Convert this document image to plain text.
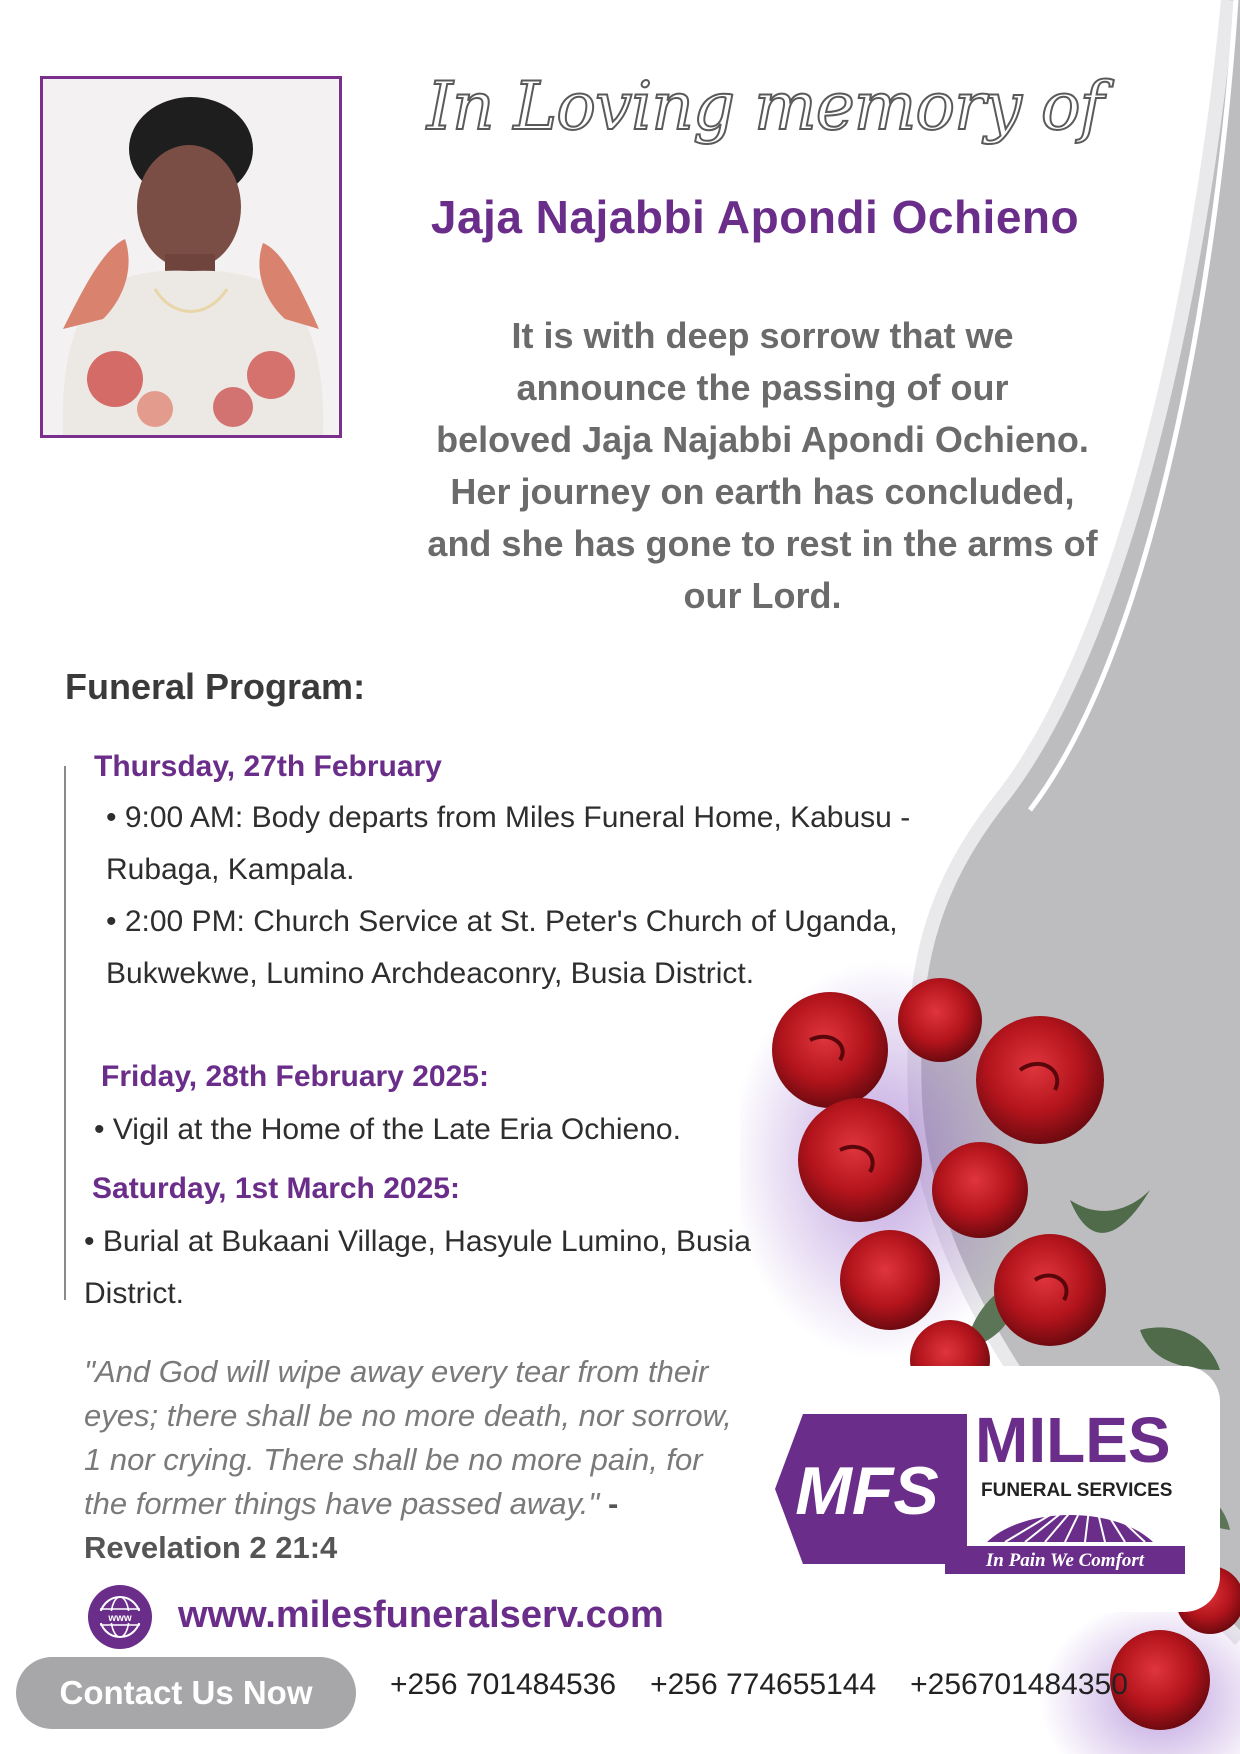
In Loving memory of
Jaja Najabbi Apondi Ochieno
It is with deep sorrow that we
announce the passing of our
beloved Jaja Najabbi Apondi Ochieno.
Her journey on earth has concluded,
and she has gone to rest in the arms of
our Lord.
Funeral Program:
Thursday, 27th February
• 9:00 AM: Body departs from Miles Funeral Home, Kabusu - Rubaga, Kampala.
• 2:00 PM: Church Service at St. Peter's Church of Uganda, Bukwekwe, Lumino Archdeaconry, Busia District.
Friday, 28th February 2025:
• Vigil at the Home of the Late Eria Ochieno.
Saturday, 1st March 2025:
• Burial at Bukaani Village, Hasyule Lumino, Busia District.
"And God will wipe away every tear from their eyes; there shall be no more death, nor sorrow, 1 nor crying. There shall be no more pain, for the former things have passed away." - Revelation 2 21:4
MFS
MILES
FUNERAL SERVICES
In Pain We Comfort
www www.milesfuneralserv.com
Contact Us Now	+256 701484536 +256 774655144 +256701484350
